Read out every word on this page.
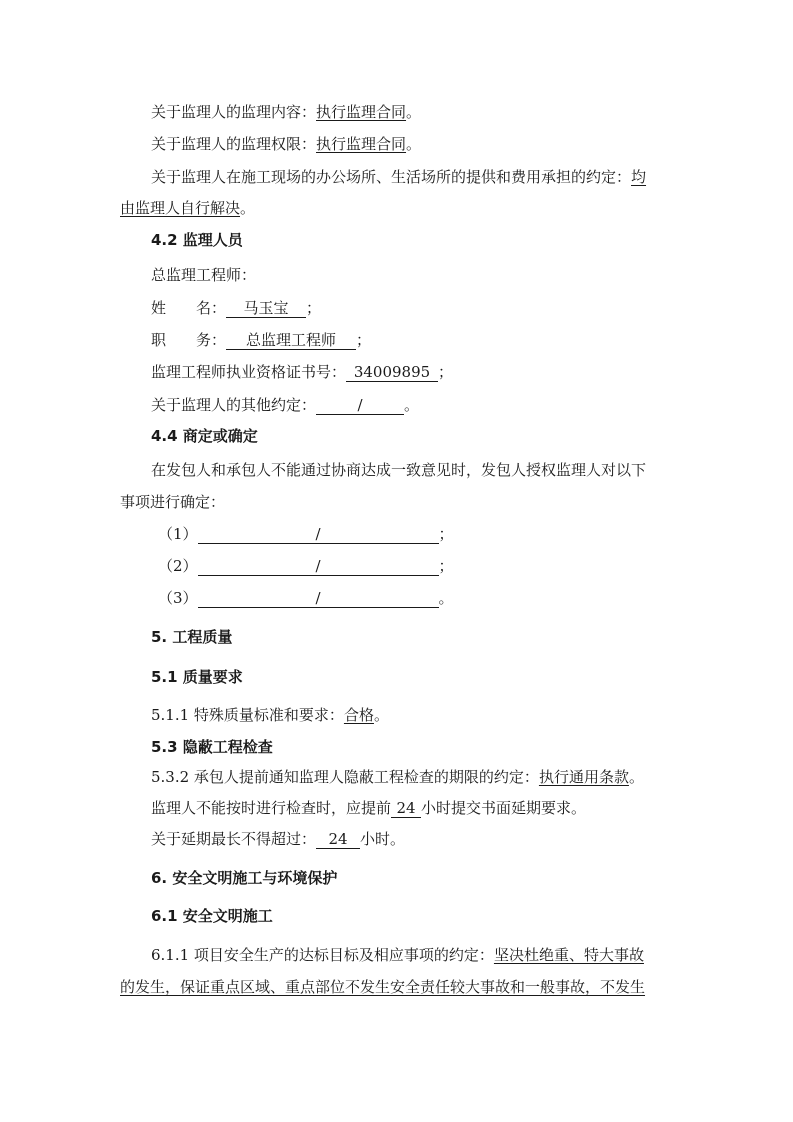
关于监理人的监理内容：执行监理合同。
关于监理人的监理权限：执行监理合同。
关于监理人在施工现场的办公场所、生活场所的提供和费用承担的约定：均
由监理人自行解决。
4.2 监理人员
总监理工程师：
姓　　名： 马玉宝 ；
职　　务： 总监理工程师 ；
监理工程师执业资格证书号： 34009895 ；
关于监理人的其他约定：	/	。
4.4 商定或确定
在发包人和承包人不能通过协商达成一致意见时，发包人授权监理人对以下
事项进行确定：
（1）	/	；
（2）	/	；
（3）	/	。
5. 工程质量
5.1 质量要求
5.1.1 特殊质量标准和要求：合格。
5.3 隐蔽工程检查
5.3.2 承包人提前通知监理人隐蔽工程检查的期限的约定：执行通用条款。
监理人不能按时进行检查时，应提前 24 小时提交书面延期要求。
关于延期最长不得超过： 24 小时。
6. 安全文明施工与环境保护
6.1 安全文明施工
6.1.1 项目安全生产的达标目标及相应事项的约定：坚决杜绝重、特大事故
的发生，保证重点区域、重点部位不发生安全责任较大事故和一般事故，不发生
